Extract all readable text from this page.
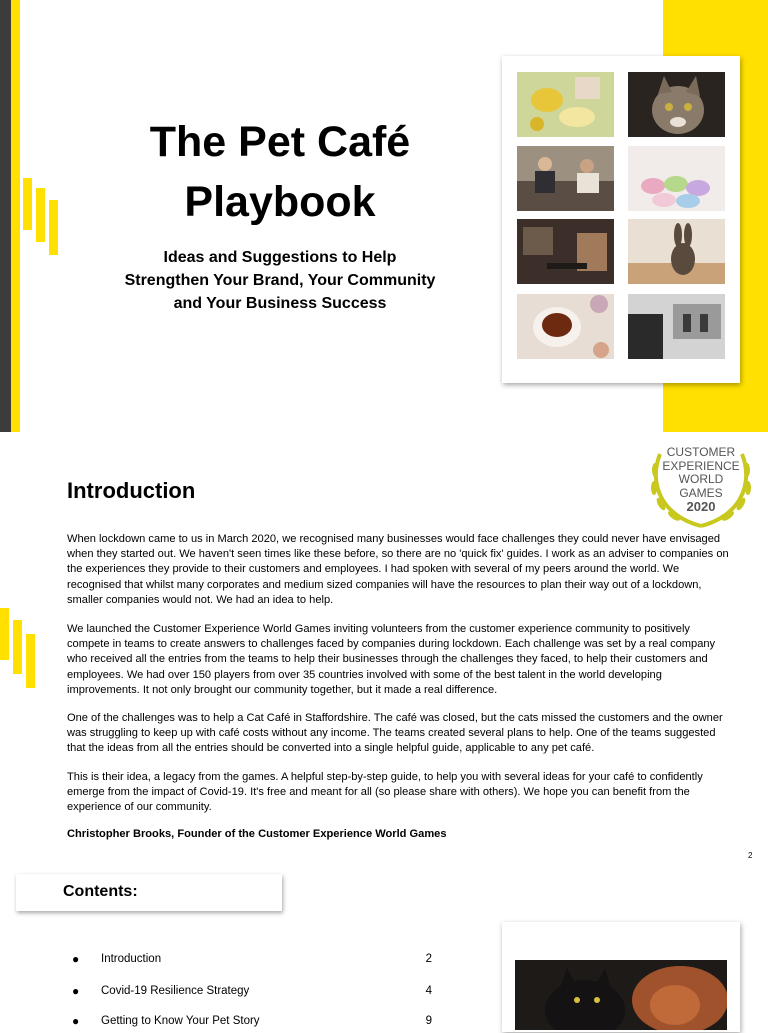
The Pet Café
Playbook
Ideas and Suggestions to Help
Strengthen Your Brand, Your Community
and Your Business Success
CUSTOMER
EXPERIENCE
WORLD
GAMES
2020
Introduction

When lockdown came to us in March 2020, we recognised many businesses would face challenges they could never have envisaged when they started out. We haven't seen times like these before, so there are no 'quick fix' guides. I work as an adviser to companies on the experiences they provide to their customers and employees. I had spoken with several of my peers around the world. We recognised that whilst many corporates and medium sized companies will have the resources to plan their way out of a lockdown, smaller companies would not. We had an idea to help.

We launched the Customer Experience World Games inviting volunteers from the customer experience community to positively compete in teams to create answers to challenges faced by companies during lockdown. Each challenge was set by a real company who received all the entries from the teams to help their businesses through the challenges they faced, to help their customers and employees. We had over 150 players from over 35 countries involved with some of the best talent in the world developing improvements. It not only brought our community together, but it made a real difference.

One of the challenges was to help a Cat Café in Staffordshire. The café was closed, but the cats missed the customers and the owner was struggling to keep up with café costs without any income. The teams created several plans to help. One of the teams suggested that the ideas from all the entries should be converted into a single helpful guide, applicable to any pet café.

This is their idea, a legacy from the games. A helpful step-by-step guide, to help you with several ideas for your café to confidently emerge from the impact of Covid-19. It's free and meant for all (so please share with others). We hope you can benefit from the experience of our community.

Christopher Brooks, Founder of the Customer Experience World Games
2
Contents:
● Introduction	2
● Covid-19 Resilience Strategy	4
● Getting to Know Your Pet Story	9
